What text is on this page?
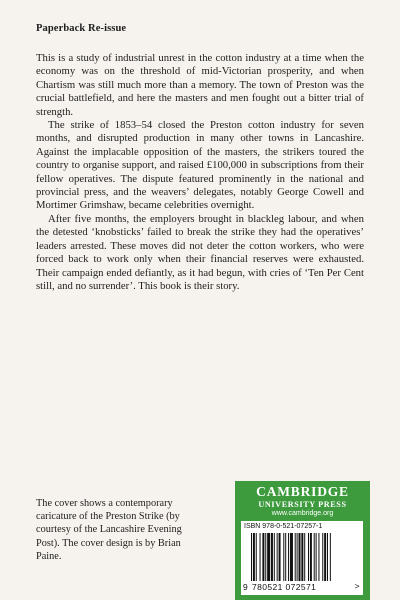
Paperback Re-issue

This is a study of industrial unrest in the cotton industry at a time when the economy was on the threshold of mid-Victorian prosperity, and when Chartism was still much more than a memory. The town of Preston was the crucial battlefield, and here the masters and men fought out a bitter trial of strength.

The strike of 1853–54 closed the Preston cotton industry for seven months, and disrupted production in many other towns in Lancashire. Against the implacable opposition of the masters, the strikers toured the country to organise support, and raised £100,000 in subscriptions from their fellow operatives. The dispute featured prominently in the national and provincial press, and the weavers’ delegates, notably George Cowell and Mortimer Grimshaw, became celebrities overnight.

After five months, the employers brought in blackleg labour, and when the detested ‘knobsticks’ failed to break the strike they had the operatives’ leaders arrested. These moves did not deter the cotton workers, who were forced back to work only when their financial reserves were exhausted. Their campaign ended defiantly, as it had begun, with cries of ‘Ten Per Cent still, and no surrender’. This book is their story.

The cover shows a contemporary caricature of the Preston Strike (by courtesy of the Lancashire Evening Post). The cover design is by Brian Paine.
CAMBRIDGE
UNIVERSITY PRESS
www.cambridge.org
ISBN 978-0-521-07257-1
9 780521 072571	>
